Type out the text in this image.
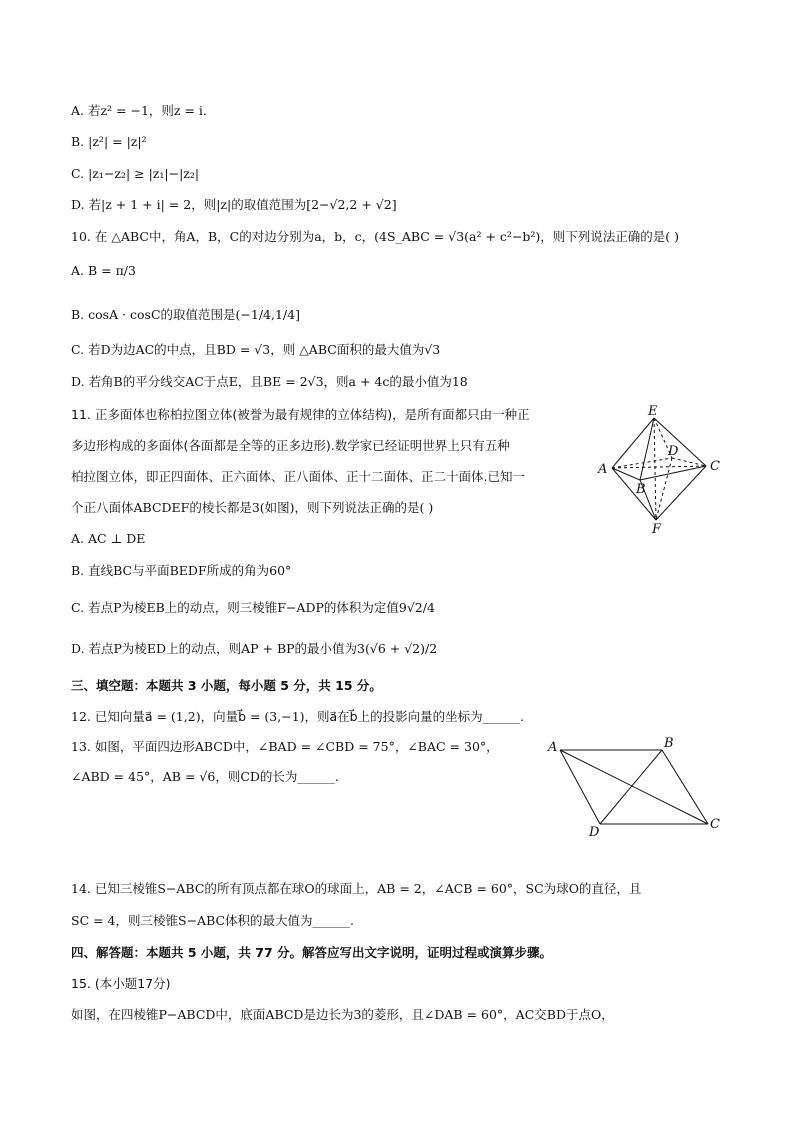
A. 若z² = −1，则z = i.
B. |z²| = |z|²
C. |z₁−z₂| ≥ |z₁|−|z₂|
D. 若|z + 1 + i| = 2，则|z|的取值范围为[2−√2,2 + √2]
10. 在 △ABC中，角A，B，C的对边分别为a，b，c，(4S_ABC = √3(a² + c²−b²)，则下列说法正确的是( )
A. B = π/3
B. cosA · cosC的取值范围是(−1/4,1/4]
C. 若D为边AC的中点，且BD = √3，则 △ABC面积的最大值为√3
D. 若角B的平分线交AC于点E，且BE = 2√3，则a + 4c的最小值为18
11. 正多面体也称柏拉图立体(被誉为最有规律的立体结构)，是所有面都只由一种正
多边形构成的多面体(各面都是全等的正多边形).数学家已经证明世界上只有五种
柏拉图立体，即正四面体、正六面体、正八面体、正十二面体、正二十面体.已知一
个正八面体ABCDEF的棱长都是3(如图)，则下列说法正确的是( )
A. AC ⊥ DE
B. 直线BC与平面BEDF所成的角为60°
C. 若点P为棱EB上的动点，则三棱锥F−ADP的体积为定值9√2/4
D. 若点P为棱ED上的动点，则AP + BP的最小值为3(√6 + √2)/2
三、填空题：本题共 3 小题，每小题 5 分，共 15 分。
12. 已知向量a⃗ = (1,2)，向量b⃗ = (3,−1)，则a⃗在b⃗上的投影向量的坐标为______.
13. 如图，平面四边形ABCD中，∠BAD = ∠CBD = 75°，∠BAC = 30°，
∠ABD = 45°，AB = √6，则CD的长为______.
14. 已知三棱锥S−ABC的所有顶点都在球O的球面上，AB = 2，∠ACB = 60°，SC为球O的直径，且
SC = 4，则三棱锥S−ABC体积的最大值为______.
四、解答题：本题共 5 小题，共 77 分。解答应写出文字说明，证明过程或演算步骤。
15. (本小题17分)
如图，在四棱锥P−ABCD中，底面ABCD是边长为3的菱形，且∠DAB = 60°，AC交BD于点O，
E
A	C
D
B
F
A	B
C
D
